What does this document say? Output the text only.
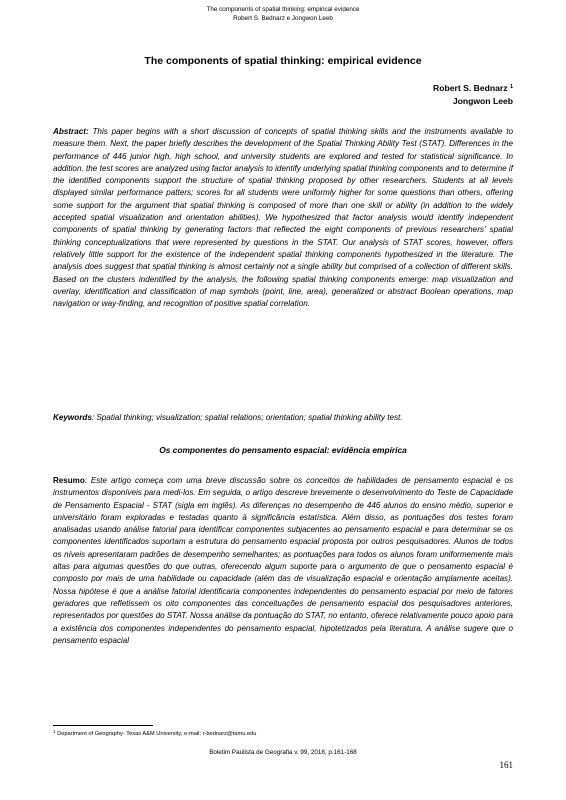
The components of spatial thinking: empirical evidence
Robert S. Bednarz e Jongwon Leeb
The components of spatial thinking: empirical evidence
Robert S. Bednarz $^1$
Jongwon Leeb
Abstract: This paper begins with a short discussion of concepts of spatial thinking skills and the instruments available to measure them. Next, the paper briefly describes the development of the Spatial Thinking Ability Test (STAT). Differences in the performance of 446 junior high, high school, and university students are explored and tested for statistical significance. In addition, the test scores are analyzed using factor analysis to identify underlying spatial thinking components and to determine if the identified components support the structure of spatial thinking proposed by other researchers. Students at all levels displayed similar performance patters; scores for all students were uniformly higher for some questions than others, offering some support for the argument that spatial thinking is composed of more than one skill or ability (in addition to the widely accepted spatial visualization and orientation abilities). We hypothesized that factor analysis would identify independent components of spatial thinking by generating factors that reflected the eight components of previous researchers’ spatial thinking conceptualizations that were represented by questions in the STAT. Our analysis of STAT scores, however, offers relatively little support for the existence of the independent spatial thinking components hypothesized in the literature. The analysis does suggest that spatial thinking is almost certainly not a single ability but comprised of a collection of different skills. Based on the clusters indentified by the analysis, the following spatial thinking components emerge: map visualization and overlay, identification and classification of map symbols (point, line, area), generalized or abstract Boolean operations, map navigation or way-finding, and recognition of positive spatial correlation.
Keywords: Spatial thinking; visualization; spatial relations; orientation; spatial thinking ability test.
Os componentes do pensamento espacial: evidência empírica
Resumo: Este artigo começa com uma breve discussão sobre os conceitos de habilidades de pensamento espacial e os instrumentos disponíveis para medi-los. Em seguida, o artigo descreve brevemente o desenvolvimento do Teste de Capacidade de Pensamento Espacial - STAT (sigla em inglês). As diferenças no desempenho de 446 alunos do ensino médio, superior e universitário foram exploradas e testadas quanto à significância estatística. Além disso, as pontuações dos testes foram analisadas usando análise fatorial para identificar componentes subjacentes ao pensamento espacial e para determinar se os componentes identificados suportam a estrutura do pensamento espacial proposta por outros pesquisadores. Alunos de todos os níveis apresentaram padrões de desempenho semelhantes; as pontuações para todos os alunos foram uniformemente mais altas para algumas questões do que outras, oferecendo algum suporte para o argumento de que o pensamento espacial é composto por mais de uma habilidade ou capacidade (além das de visualização espacial e orientação amplamente aceitas). Nossa hipótese é que a análise fatorial identificaria componentes independentes do pensamento espacial por meio de fatores geradores que refletissem os oito componentes das conceituações de pensamento espacial dos pesquisadores anteriores, representados por questões do STAT. Nossa análise da pontuação do STAT, no entanto, oferece relativamente pouco apoio para a existência dos componentes independentes do pensamento espacial, hipotetizados pela literatura. A análise sugere que o pensamento espacial
$^1$ Department of Geography- Texas A&M University, e-mail: r-bednarz@tamu.edu
Boletim Paulista de Geografia v. 99, 2018, p.161-168
161
